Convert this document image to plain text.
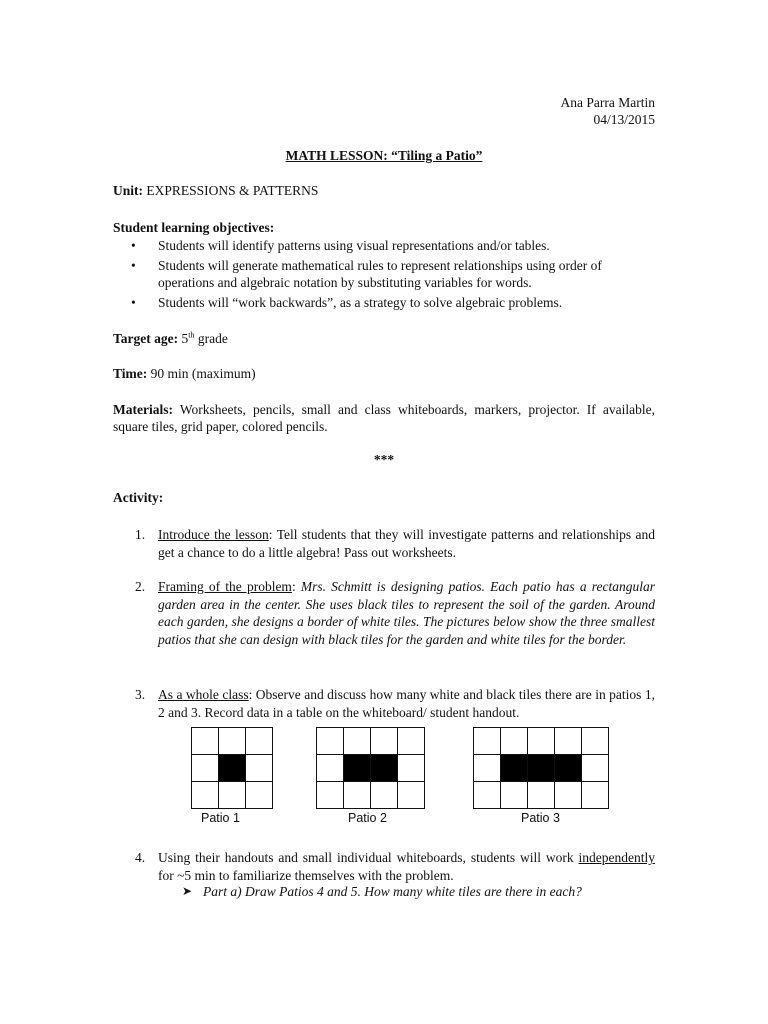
Ana Parra Martin
04/13/2015
MATH LESSON: “Tiling a Patio”
Unit: EXPRESSIONS & PATTERNS
Student learning objectives:
• Students will identify patterns using visual representations and/or tables.
• Students will generate mathematical rules to represent relationships using order of operations and algebraic notation by substituting variables for words.
• Students will “work backwards”, as a strategy to solve algebraic problems.
Target age: 5th grade
Time: 90 min (maximum)
Materials: Worksheets, pencils, small and class whiteboards, markers, projector. If available, square tiles, grid paper, colored pencils.
***
Activity:
1. Introduce the lesson: Tell students that they will investigate patterns and relationships and get a chance to do a little algebra! Pass out worksheets.
2. Framing of the problem: Mrs. Schmitt is designing patios. Each patio has a rectangular garden area in the center. She uses black tiles to represent the soil of the garden. Around each garden, she designs a border of white tiles. The pictures below show the three smallest patios that she can design with black tiles for the garden and white tiles for the border.
3. As a whole class: Observe and discuss how many white and black tiles there are in patios 1, 2 and 3. Record data in a table on the whiteboard/ student handout.
Patio 1	Patio 2	Patio 3
4. Using their handouts and small individual whiteboards, students will work independently for ~5 min to familiarize themselves with the problem.
➤ Part a) Draw Patios 4 and 5. How many white tiles are there in each?
